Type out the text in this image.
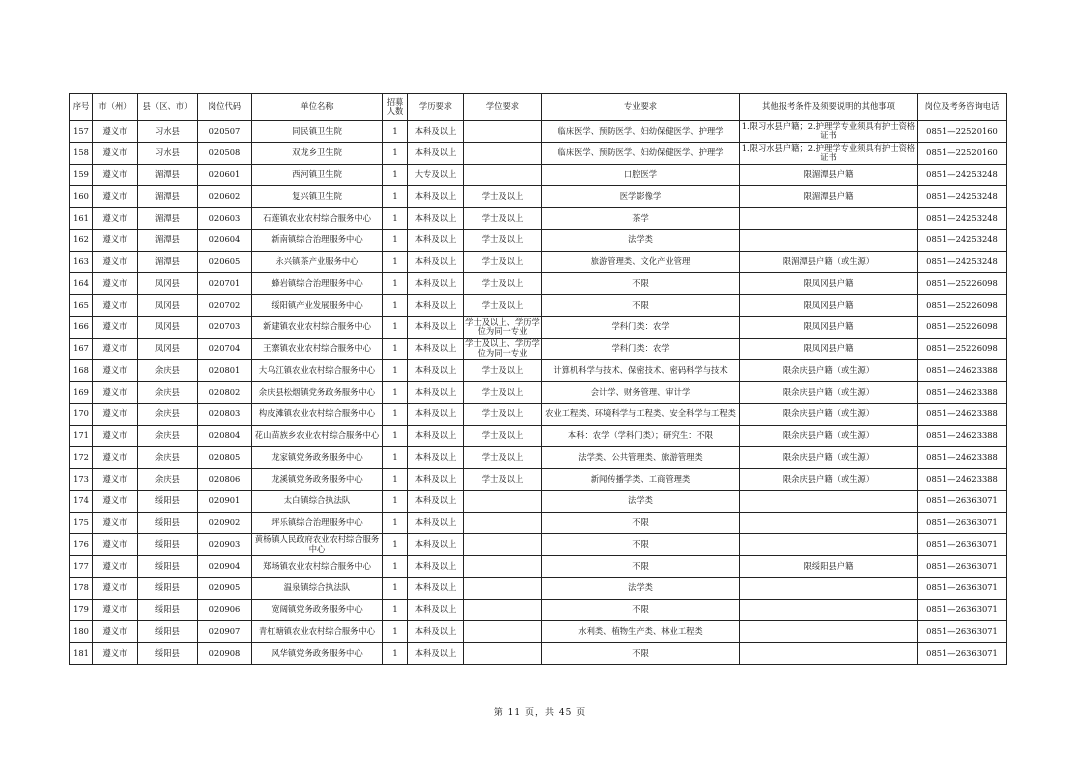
序号	市（州）	县（区、市）	岗位代码	单位名称	招募人数	学历要求	学位要求	专业要求	其他报考条件及须要说明的其他事项	岗位及考务咨询电话
157	遵义市	习水县	020507	同民镇卫生院	1	本科及以上		临床医学、预防医学、妇幼保健医学、护理学	1.限习水县户籍；2.护理学专业须具有护士资格证书	0851—22520160
158	遵义市	习水县	020508	双龙乡卫生院	1	本科及以上		临床医学、预防医学、妇幼保健医学、护理学	1.限习水县户籍；2.护理学专业须具有护士资格证书	0851—22520160
159	遵义市	湄潭县	020601	西河镇卫生院	1	大专及以上		口腔医学	限湄潭县户籍	0851—24253248
160	遵义市	湄潭县	020602	复兴镇卫生院	1	本科及以上	学士及以上	医学影像学	限湄潭县户籍	0851—24253248
161	遵义市	湄潭县	020603	石莲镇农业农村综合服务中心	1	本科及以上	学士及以上	茶学		0851—24253248
162	遵义市	湄潭县	020604	新南镇综合治理服务中心	1	本科及以上	学士及以上	法学类		0851—24253248
163	遵义市	湄潭县	020605	永兴镇茶产业服务中心	1	本科及以上	学士及以上	旅游管理类、文化产业管理	限湄潭县户籍（或生源）	0851—24253248
164	遵义市	凤冈县	020701	蜂岩镇综合治理服务中心	1	本科及以上	学士及以上	不限	限凤冈县户籍	0851—25226098
165	遵义市	凤冈县	020702	绥阳镇产业发展服务中心	1	本科及以上	学士及以上	不限	限凤冈县户籍	0851—25226098
166	遵义市	凤冈县	020703	新建镇农业农村综合服务中心	1	本科及以上	学士及以上、学历学位为同一专业	学科门类：农学	限凤冈县户籍	0851—25226098
167	遵义市	凤冈县	020704	王寨镇农业农村综合服务中心	1	本科及以上	学士及以上、学历学位为同一专业	学科门类：农学	限凤冈县户籍	0851—25226098
168	遵义市	余庆县	020801	大乌江镇农业农村综合服务中心	1	本科及以上	学士及以上	计算机科学与技术、保密技术、密码科学与技术	限余庆县户籍（或生源）	0851—24623388
169	遵义市	余庆县	020802	余庆县松烟镇党务政务服务中心	1	本科及以上	学士及以上	会计学、财务管理、审计学	限余庆县户籍（或生源）	0851—24623388
170	遵义市	余庆县	020803	构皮滩镇农业农村综合服务中心	1	本科及以上	学士及以上	农业工程类、环境科学与工程类、安全科学与工程类	限余庆县户籍（或生源）	0851—24623388
171	遵义市	余庆县	020804	花山苗族乡农业农村综合服务中心	1	本科及以上	学士及以上	本科：农学（学科门类）；研究生：不限	限余庆县户籍（或生源）	0851—24623388
172	遵义市	余庆县	020805	龙家镇党务政务服务中心	1	本科及以上	学士及以上	法学类、公共管理类、旅游管理类	限余庆县户籍（或生源）	0851—24623388
173	遵义市	余庆县	020806	龙溪镇党务政务服务中心	1	本科及以上	学士及以上	新闻传播学类、工商管理类	限余庆县户籍（或生源）	0851—24623388
174	遵义市	绥阳县	020901	太白镇综合执法队	1	本科及以上		法学类		0851—26363071
175	遵义市	绥阳县	020902	坪乐镇综合治理服务中心	1	本科及以上		不限		0851—26363071
176	遵义市	绥阳县	020903	黄杨镇人民政府农业农村综合服务中心	1	本科及以上		不限		0851—26363071
177	遵义市	绥阳县	020904	郑场镇农业农村综合服务中心	1	本科及以上		不限	限绥阳县户籍	0851—26363071
178	遵义市	绥阳县	020905	温泉镇综合执法队	1	本科及以上		法学类		0851—26363071
179	遵义市	绥阳县	020906	宽阔镇党务政务服务中心	1	本科及以上		不限		0851—26363071
180	遵义市	绥阳县	020907	青杠塘镇农业农村综合服务中心	1	本科及以上		水利类、植物生产类、林业工程类		0851—26363071
181	遵义市	绥阳县	020908	风华镇党务政务服务中心	1	本科及以上		不限		0851—26363071
第 11 页，共 45 页
